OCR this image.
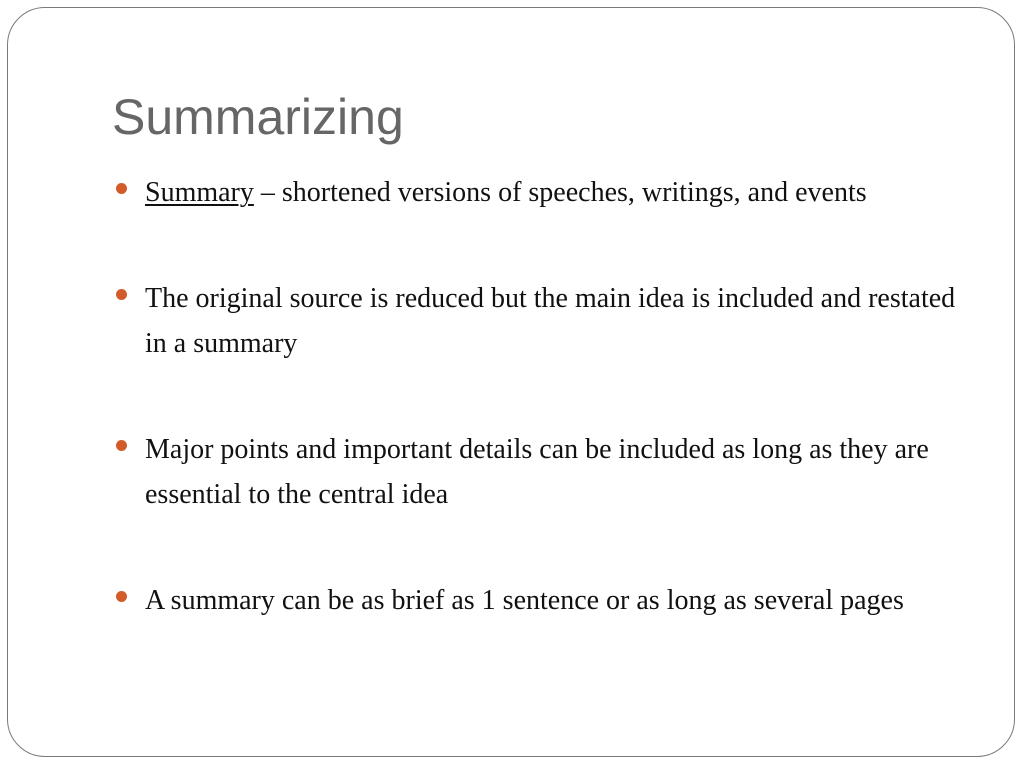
Summarizing
Summary – shortened versions of speeches, writings, and events
The original source is reduced but the main idea is included and restated in a summary
Major points and important details can be included as long as they are essential to the central idea
A summary can be as brief as 1 sentence or as long as several pages
